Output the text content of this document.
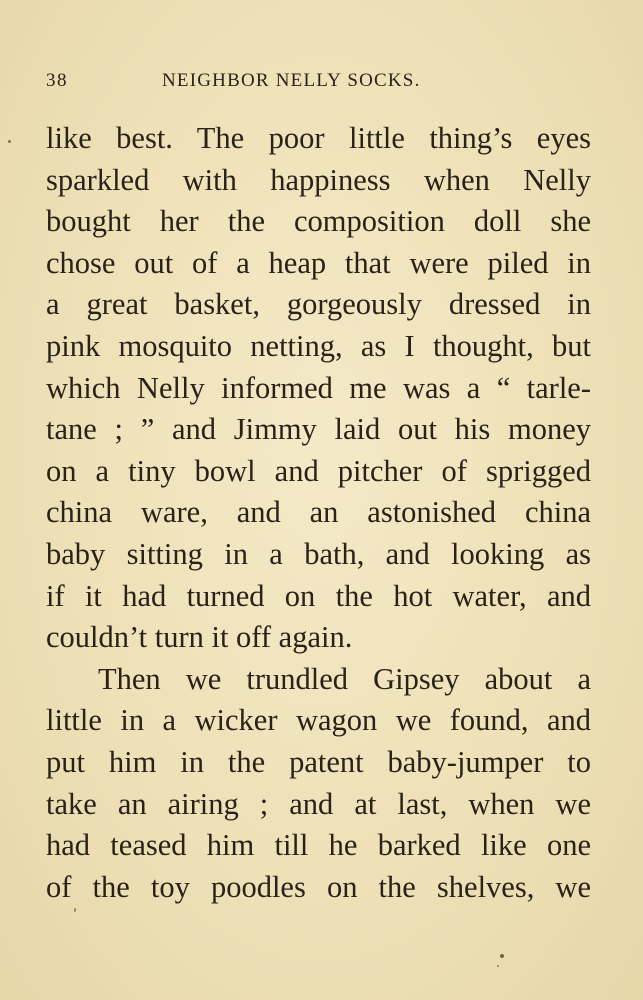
38	NEIGHBOR NELLY SOCKS.
like best. The poor little thing’s eyes
sparkled with happiness when Nelly
bought her the composition doll she
chose out of a heap that were piled in
a great basket, gorgeously dressed in
pink mosquito netting, as I thought, but
which Nelly informed me was a “ tarle-
tane ; ” and Jimmy laid out his money
on a tiny bowl and pitcher of sprigged
china ware, and an astonished china
baby sitting in a bath, and looking as
if it had turned on the hot water, and
couldn’t turn it off again.
Then we trundled Gipsey about a
little in a wicker wagon we found, and
put him in the patent baby-jumper to
take an airing ; and at last, when we
had teased him till he barked like one
of the toy poodles on the shelves, we
